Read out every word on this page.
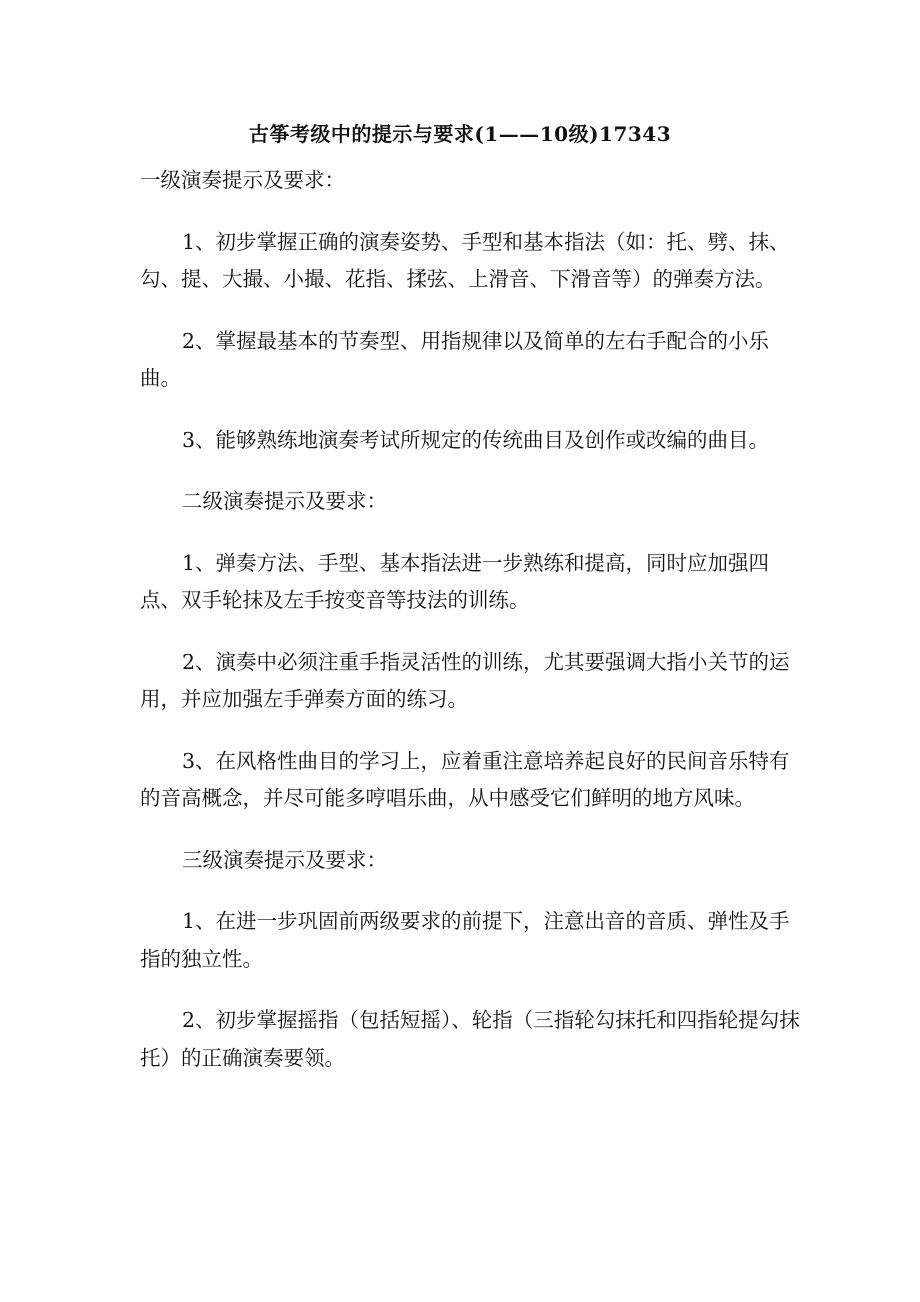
古筝考级中的提示与要求(1——10级)17343

一级演奏提示及要求：

1、初步掌握正确的演奏姿势、手型和基本指法（如：托、劈、抹、勾、提、大撮、小撮、花指、揉弦、上滑音、下滑音等）的弹奏方法。

2、掌握最基本的节奏型、用指规律以及简单的左右手配合的小乐曲。

3、能够熟练地演奏考试所规定的传统曲目及创作或改编的曲目。

二级演奏提示及要求：

1、弹奏方法、手型、基本指法进一步熟练和提高，同时应加强四点、双手轮抹及左手按变音等技法的训练。

2、演奏中必须注重手指灵活性的训练，尤其要强调大指小关节的运用，并应加强左手弹奏方面的练习。

3、在风格性曲目的学习上，应着重注意培养起良好的民间音乐特有的音高概念，并尽可能多哼唱乐曲，从中感受它们鲜明的地方风味。

三级演奏提示及要求：

1、在进一步巩固前两级要求的前提下，注意出音的音质、弹性及手指的独立性。

2、初步掌握摇指（包括短摇）、轮指（三指轮勾抹托和四指轮提勾抹托）的正确演奏要领。
